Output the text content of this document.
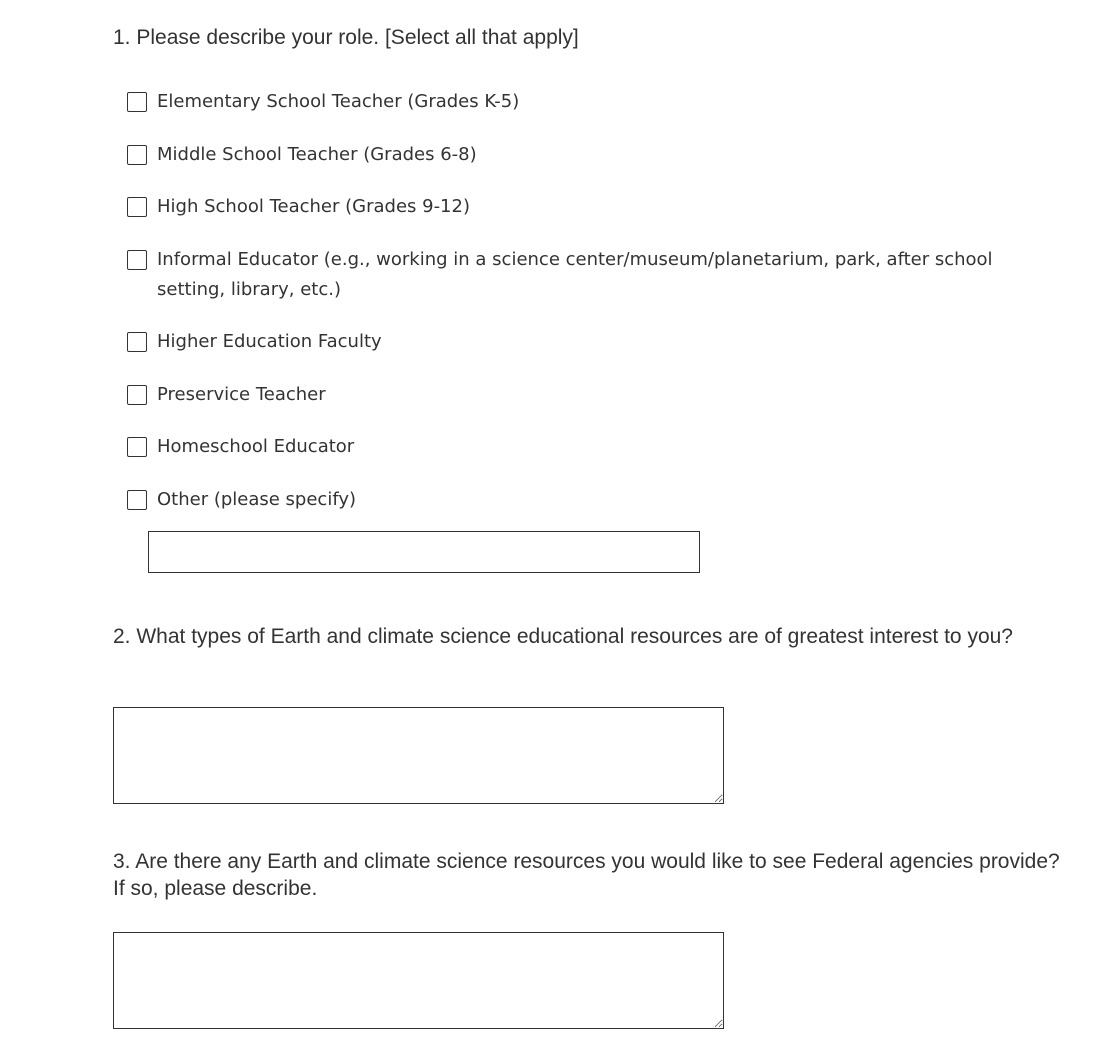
1. Please describe your role. [Select all that apply]
Elementary School Teacher (Grades K-5)
Middle School Teacher (Grades 6-8)
High School Teacher (Grades 9-12)
Informal Educator (e.g., working in a science center/museum/planetarium, park, after school setting, library, etc.)
Higher Education Faculty
Preservice Teacher
Homeschool Educator
Other (please specify)
2. What types of Earth and climate science educational resources are of greatest interest to you?
3. Are there any Earth and climate science resources you would like to see Federal agencies provide? If so, please describe.
